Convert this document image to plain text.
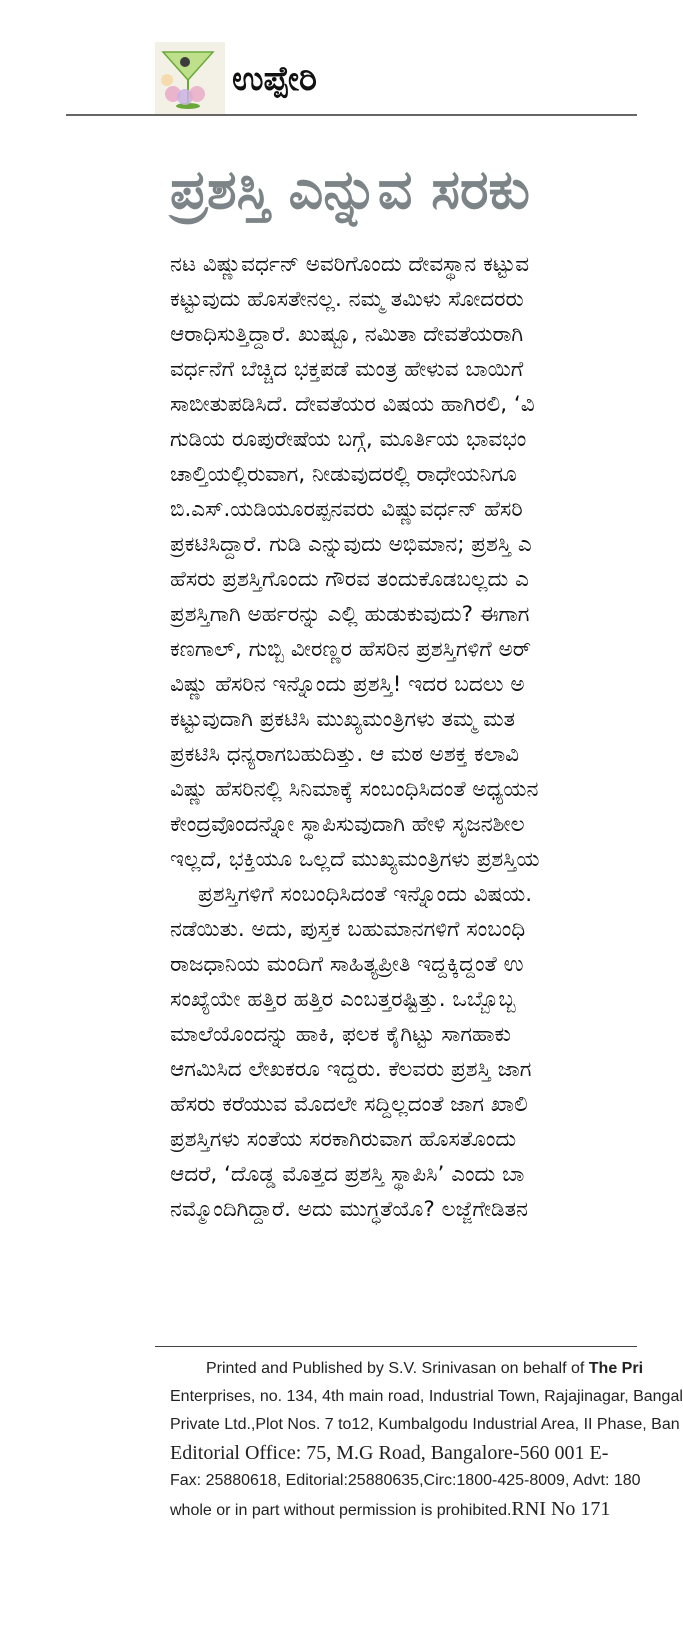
ಉಪ್ಪೇರಿ
ಪ್ರಶಸ್ತಿ ಎನ್ನುವ ಸರಕು
ನಟ ವಿಷ್ಣುವರ್ಧನ್ ಅವರಿಗೊಂದು ದೇವಸ್ಥಾನ ಕಟ್ಟುವ
ಕಟ್ಟುವುದು ಹೊಸತೇನಲ್ಲ. ನಮ್ಮ ತಮಿಳು ಸೋದರರು
ಆರಾಧಿಸುತ್ತಿದ್ದಾರೆ. ಖುಷ್ಬೂ, ನಮಿತಾ ದೇವತೆಯರಾಗಿ
ವರ್ಧನೆಗೆ ಬೆಚ್ಚಿದ ಭಕ್ತಪಡೆ ಮಂತ್ರ ಹೇಳುವ ಬಾಯಿಗೆ
ಸಾಬೀತುಪಡಿಸಿದೆ. ದೇವತೆಯರ ವಿಷಯ ಹಾಗಿರಲಿ, ‘ವಿ
ಗುಡಿಯ ರೂಪುರೇಷೆಯ ಬಗ್ಗೆ, ಮೂರ್ತಿಯ ಭಾವಭಂ
ಚಾಲ್ತಿಯಲ್ಲಿರುವಾಗ, ನೀಡುವುದರಲ್ಲಿ ರಾಧೇಯನಿಗೂ
ಬಿ.ಎಸ್.ಯಡಿಯೂರಪ್ಪನವರು ವಿಷ್ಣುವರ್ಧನ್ ಹೆಸರಿ
ಪ್ರಕಟಿಸಿದ್ದಾರೆ. ಗುಡಿ ಎನ್ನುವುದು ಅಭಿಮಾನ; ಪ್ರಶಸ್ತಿ ಎ
ಹೆಸರು ಪ್ರಶಸ್ತಿಗೊಂದು ಗೌರವ ತಂದುಕೊಡಬಲ್ಲದು ಎ
ಪ್ರಶಸ್ತಿಗಾಗಿ ಅರ್ಹರನ್ನು ಎಲ್ಲಿ ಹುಡುಕುವುದು? ಈಗಾಗ
ಕಣಗಾಲ್, ಗುಬ್ಬಿ ವೀರಣ್ಣರ ಹೆಸರಿನ ಪ್ರಶಸ್ತಿಗಳಿಗೆ ಅರ್
ವಿಷ್ಣು ಹೆಸರಿನ ಇನ್ನೊಂದು ಪ್ರಶಸ್ತಿ! ಇದರ ಬದಲು ಅ
ಕಟ್ಟುವುದಾಗಿ ಪ್ರಕಟಿಸಿ ಮುಖ್ಯಮಂತ್ರಿಗಳು ತಮ್ಮ ಮತ
ಪ್ರಕಟಿಸಿ ಧನ್ಯರಾಗಬಹುದಿತ್ತು. ಆ ಮಠ ಅಶಕ್ತ ಕಲಾವಿ
ವಿಷ್ಣು ಹೆಸರಿನಲ್ಲಿ ಸಿನಿಮಾಕ್ಕೆ ಸಂಬಂಧಿಸಿದಂತೆ ಅಧ್ಯಯನ
ಕೇಂದ್ರವೊಂದನ್ನೋ ಸ್ಥಾಪಿಸುವುದಾಗಿ ಹೇಳಿ ಸೃಜನಶೀಲ
ಇಲ್ಲದೆ, ಭಕ್ತಿಯೂ ಒಲ್ಲದೆ ಮುಖ್ಯಮಂತ್ರಿಗಳು ಪ್ರಶಸ್ತಿಯ
ಪ್ರಶಸ್ತಿಗಳಿಗೆ ಸಂಬಂಧಿಸಿದಂತೆ ಇನ್ನೊಂದು ವಿಷಯ.
ನಡೆಯಿತು. ಅದು, ಪುಸ್ತಕ ಬಹುಮಾನಗಳಿಗೆ ಸಂಬಂಧಿ
ರಾಜಧಾನಿಯ ಮಂದಿಗೆ ಸಾಹಿತ್ಯಪ್ರೀತಿ ಇದ್ದಕ್ಕಿದ್ದಂತೆ ಉ
ಸಂಖ್ಯೆಯೇ ಹತ್ತಿರ ಹತ್ತಿರ ಎಂಬತ್ತರಷ್ಟಿತ್ತು. ಒಬ್ಬೊಬ್ಬ
ಮಾಲೆಯೊಂದನ್ನು ಹಾಕಿ, ಫಲಕ ಕೈಗಿಟ್ಟು ಸಾಗಹಾಕು
ಆಗಮಿಸಿದ ಲೇಖಕರೂ ಇದ್ದರು. ಕೆಲವರು ಪ್ರಶಸ್ತಿ ಜಾಗ
ಹೆಸರು ಕರೆಯುವ ಮೊದಲೇ ಸದ್ದಿಲ್ಲದಂತೆ ಜಾಗ ಖಾಲಿ
ಪ್ರಶಸ್ತಿಗಳು ಸಂತೆಯ ಸರಕಾಗಿರುವಾಗ ಹೊಸತೊಂದು
ಆದರೆ, ‘ದೊಡ್ಡ ಮೊತ್ತದ ಪ್ರಶಸ್ತಿ ಸ್ಥಾಪಿಸಿ’ ಎಂದು ಬಾ
ನಮ್ಮೊಂದಿಗಿದ್ದಾರೆ. ಅದು ಮುಗ್ಧತೆಯೊ? ಲಜ್ಜೆಗೇಡಿತನ
Printed and Published by S.V. Srinivasan on behalf of The Pri
Enterprises, no. 134, 4th main road, Industrial Town, Rajajinagar, Bangal
Private Ltd.,Plot Nos. 7 to12, Kumbalgodu Industrial Area, II Phase, Ban
Editorial Office: 75, M.G Road, Bangalore-560 001 E-
Fax: 25880618, Editorial:25880635,Circ:1800-425-8009, Advt: 180
whole or in part without permission is prohibited.RNI No 171
